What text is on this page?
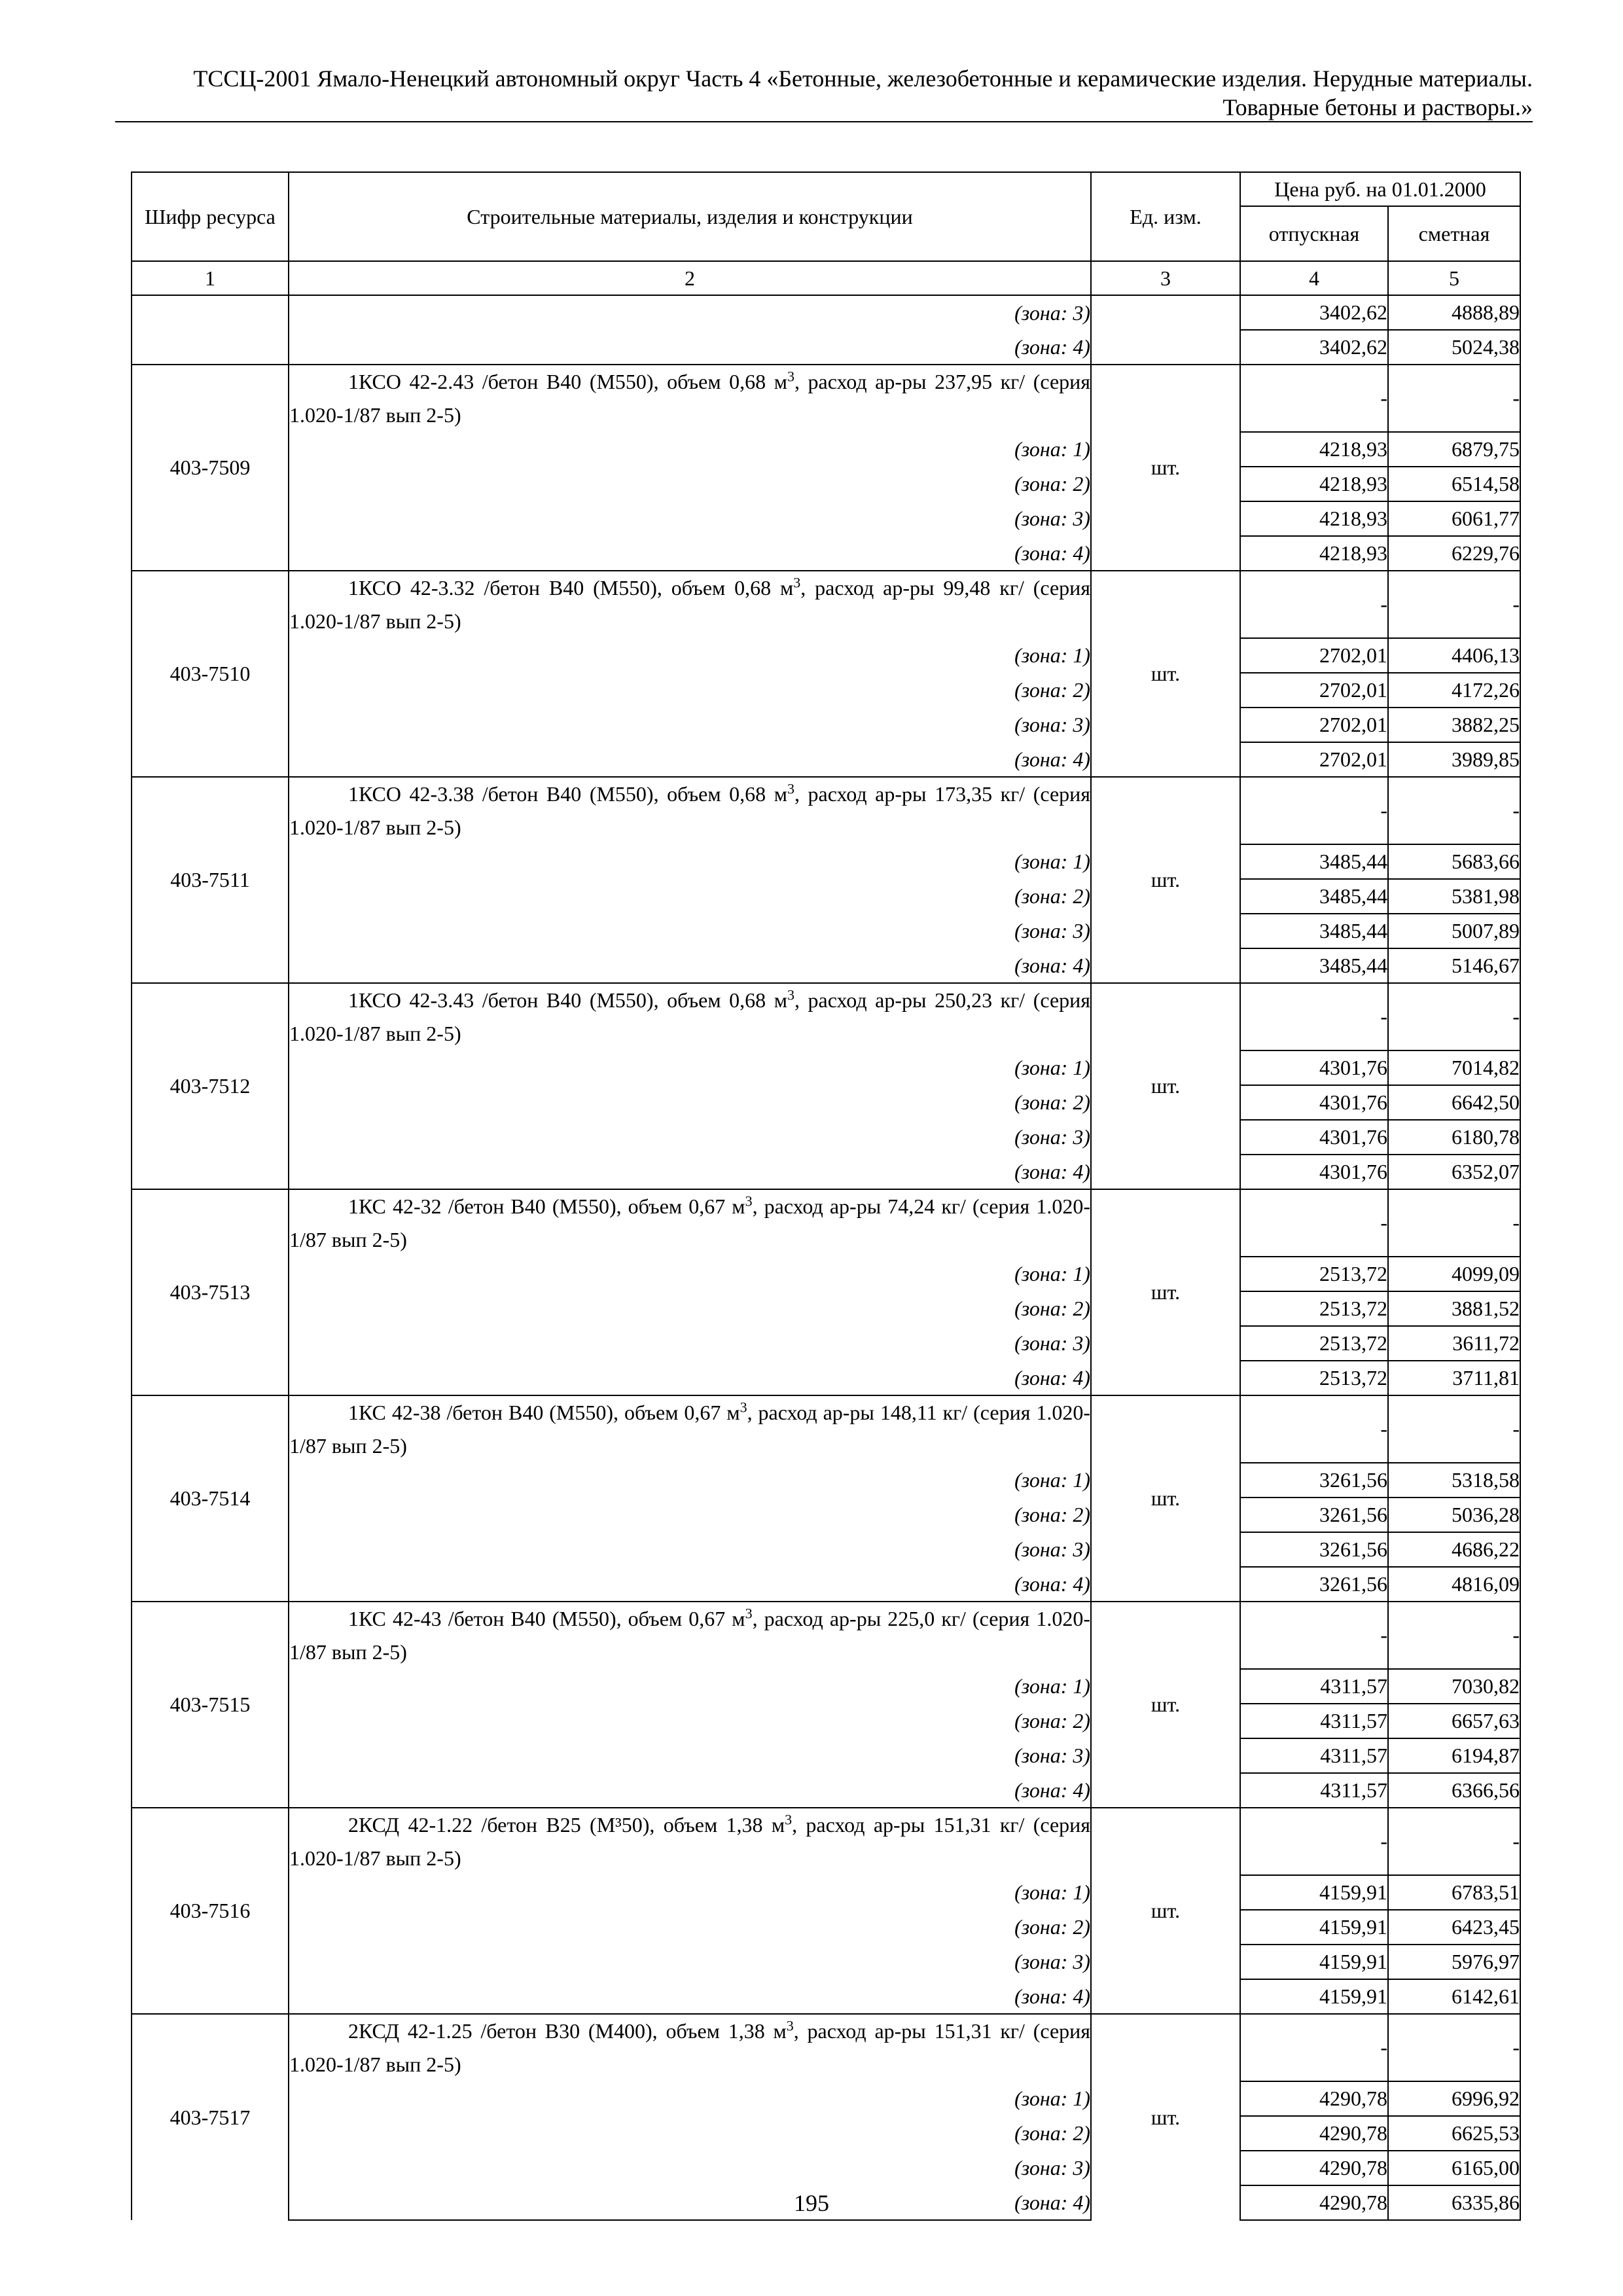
ТССЦ-2001 Ямало-Ненецкий автономный округ Часть 4 «Бетонные, железобетонные и керамические изделия. Нерудные материалы.
Товарные бетоны и растворы.»
Шифр ресурса	Строительные материалы, изделия и конструкции	Ед. изм.	Цена руб. на 01.01.2000	
			отпускная	сметная
1	2	3	4	5
	(зона: 3)		3402,62	4888,89
	(зона: 4)		3402,62	5024,38
403-7509	1КСО 42-2.43 /бетон В40 (М550), объем 0,68 $м^3$, расход ар-ры 237,95 кг/ (серия 1.020-1/87 вып 2-5)	шт.	-	-
	(зона: 1)		4218,93	6879,75
	(зона: 2)		4218,93	6514,58
	(зона: 3)		4218,93	6061,77
	(зона: 4)		4218,93	6229,76
403-7510	1КСО 42-3.32 /бетон В40 (М550), объем 0,68 $м^3$, расход ар-ры 99,48 кг/ (серия 1.020-1/87 вып 2-5)	шт.	-	-
	(зона: 1)		2702,01	4406,13
	(зона: 2)		2702,01	4172,26
	(зона: 3)		2702,01	3882,25
	(зона: 4)		2702,01	3989,85
403-7511	1КСО 42-3.38 /бетон В40 (М550), объем 0,68 $м^3$, расход ар-ры 173,35 кг/ (серия 1.020-1/87 вып 2-5)	шт.	-	-
	(зона: 1)		3485,44	5683,66
	(зона: 2)		3485,44	5381,98
	(зона: 3)		3485,44	5007,89
	(зона: 4)		3485,44	5146,67
403-7512	1КСО 42-3.43 /бетон В40 (М550), объем 0,68 $м^3$, расход ар-ры 250,23 кг/ (серия 1.020-1/87 вып 2-5)	шт.	-	-
	(зона: 1)		4301,76	7014,82
	(зона: 2)		4301,76	6642,50
	(зона: 3)		4301,76	6180,78
	(зона: 4)		4301,76	6352,07
403-7513	1КС 42-32 /бетон В40 (М550), объем 0,67 $м^3$, расход ар-ры 74,24 кг/ (серия 1.020-1/87 вып 2-5)	шт.	-	-
	(зона: 1)		2513,72	4099,09
	(зона: 2)		2513,72	3881,52
	(зона: 3)		2513,72	3611,72
	(зона: 4)		2513,72	3711,81
403-7514	1КС 42-38 /бетон В40 (М550), объем 0,67 $м^3$, расход ар-ры 148,11 кг/ (серия 1.020-1/87 вып 2-5)	шт.	-	-
	(зона: 1)		3261,56	5318,58
	(зона: 2)		3261,56	5036,28
	(зона: 3)		3261,56	4686,22
	(зона: 4)		3261,56	4816,09
403-7515	1КС 42-43 /бетон В40 (М550), объем 0,67 $м^3$, расход ар-ры 225,0 кг/ (серия 1.020-1/87 вып 2-5)	шт.	-	-
	(зона: 1)		4311,57	7030,82
	(зона: 2)		4311,57	6657,63
	(зона: 3)		4311,57	6194,87
	(зона: 4)		4311,57	6366,56
403-7516	2КСД 42-1.22 /бетон В25 (М³50), объем 1,38 $м^3$, расход ар-ры 151,31 кг/ (серия 1.020-1/87 вып 2-5)	шт.	-	-
	(зона: 1)		4159,91	6783,51
	(зона: 2)		4159,91	6423,45
	(зона: 3)		4159,91	5976,97
	(зона: 4)		4159,91	6142,61
403-7517	2КСД 42-1.25 /бетон В30 (М400), объем 1,38 $м^3$, расход ар-ры 151,31 кг/ (серия 1.020-1/87 вып 2-5)	шт.	-	-
	(зона: 1)		4290,78	6996,92
	(зона: 2)		4290,78	6625,53
	(зона: 3)		4290,78	6165,00
	(зона: 4)		4290,78	6335,86
195
